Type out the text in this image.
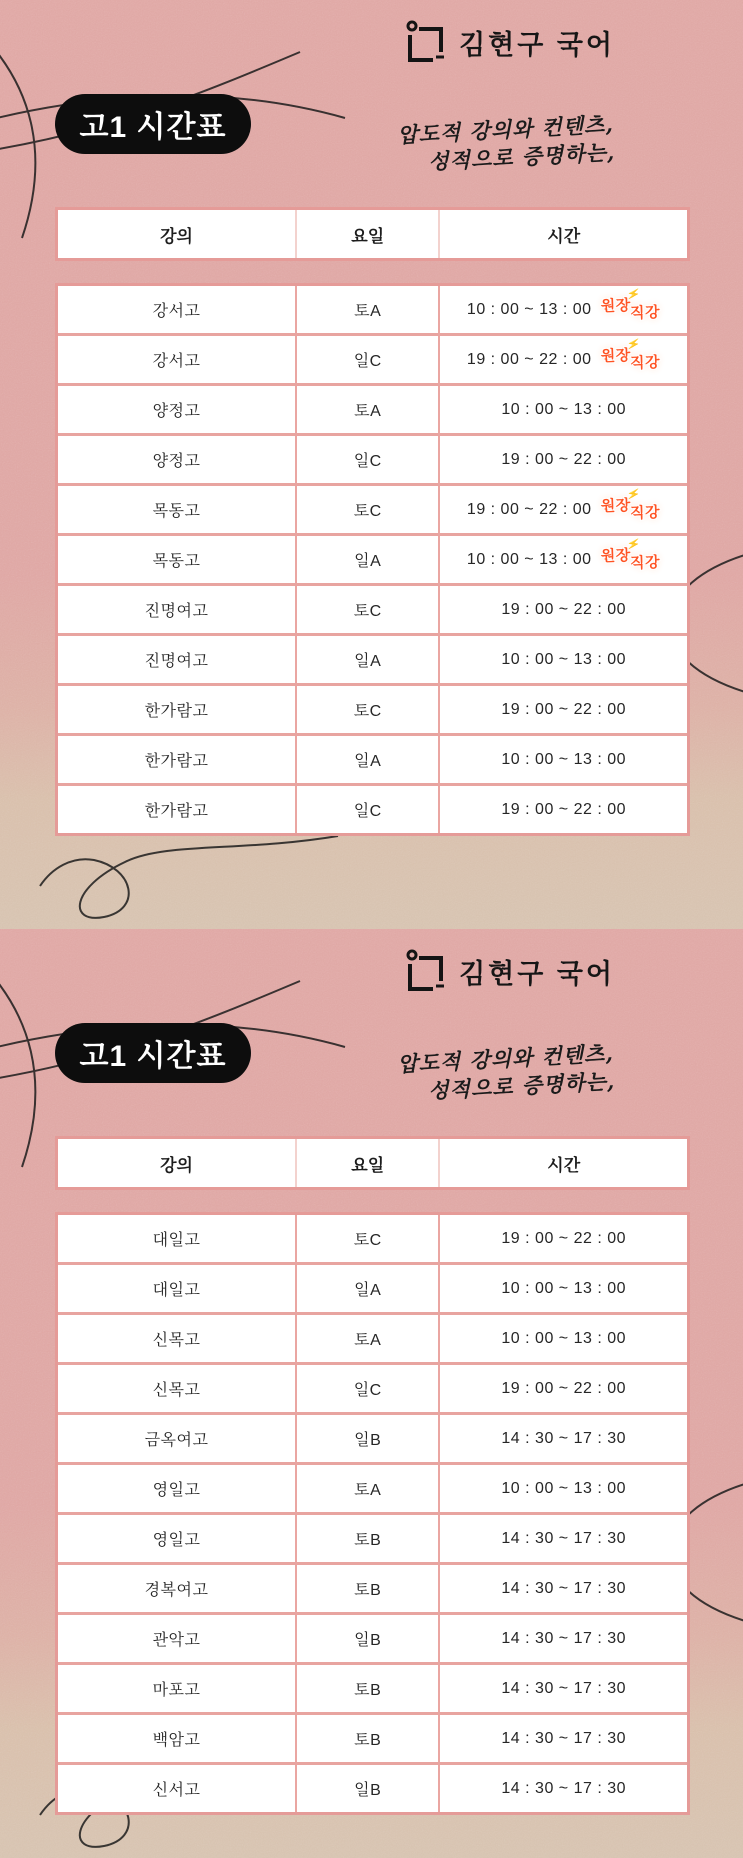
김현구 국어
고1 시간표	압도적 강의와 컨텐츠,
성적으로 증명하는,
강의	요일	시간
강서고	토A	10 : 00 ~ 13 : 00 원장
직강
⚡
강서고	일C	19 : 00 ~ 22 : 00 원장
직강
⚡
양정고	토A	10 : 00 ~ 13 : 00
양정고	일C	19 : 00 ~ 22 : 00
목동고	토C	19 : 00 ~ 22 : 00 원장
직강
⚡
목동고	일A	10 : 00 ~ 13 : 00 원장
직강
⚡
진명여고	토C	19 : 00 ~ 22 : 00
진명여고	일A	10 : 00 ~ 13 : 00
한가람고	토C	19 : 00 ~ 22 : 00
한가람고	일A	10 : 00 ~ 13 : 00
한가람고	일C	19 : 00 ~ 22 : 00
김현구 국어
고1 시간표	압도적 강의와 컨텐츠,
성적으로 증명하는,
강의	요일	시간
대일고	토C	19 : 00 ~ 22 : 00
대일고	일A	10 : 00 ~ 13 : 00
신목고	토A	10 : 00 ~ 13 : 00
신목고	일C	19 : 00 ~ 22 : 00
금옥여고	일B	14 : 30 ~ 17 : 30
영일고	토A	10 : 00 ~ 13 : 00
영일고	토B	14 : 30 ~ 17 : 30
경복여고	토B	14 : 30 ~ 17 : 30
관악고	일B	14 : 30 ~ 17 : 30
마포고	토B	14 : 30 ~ 17 : 30
백암고	토B	14 : 30 ~ 17 : 30
신서고	일B	14 : 30 ~ 17 : 30
